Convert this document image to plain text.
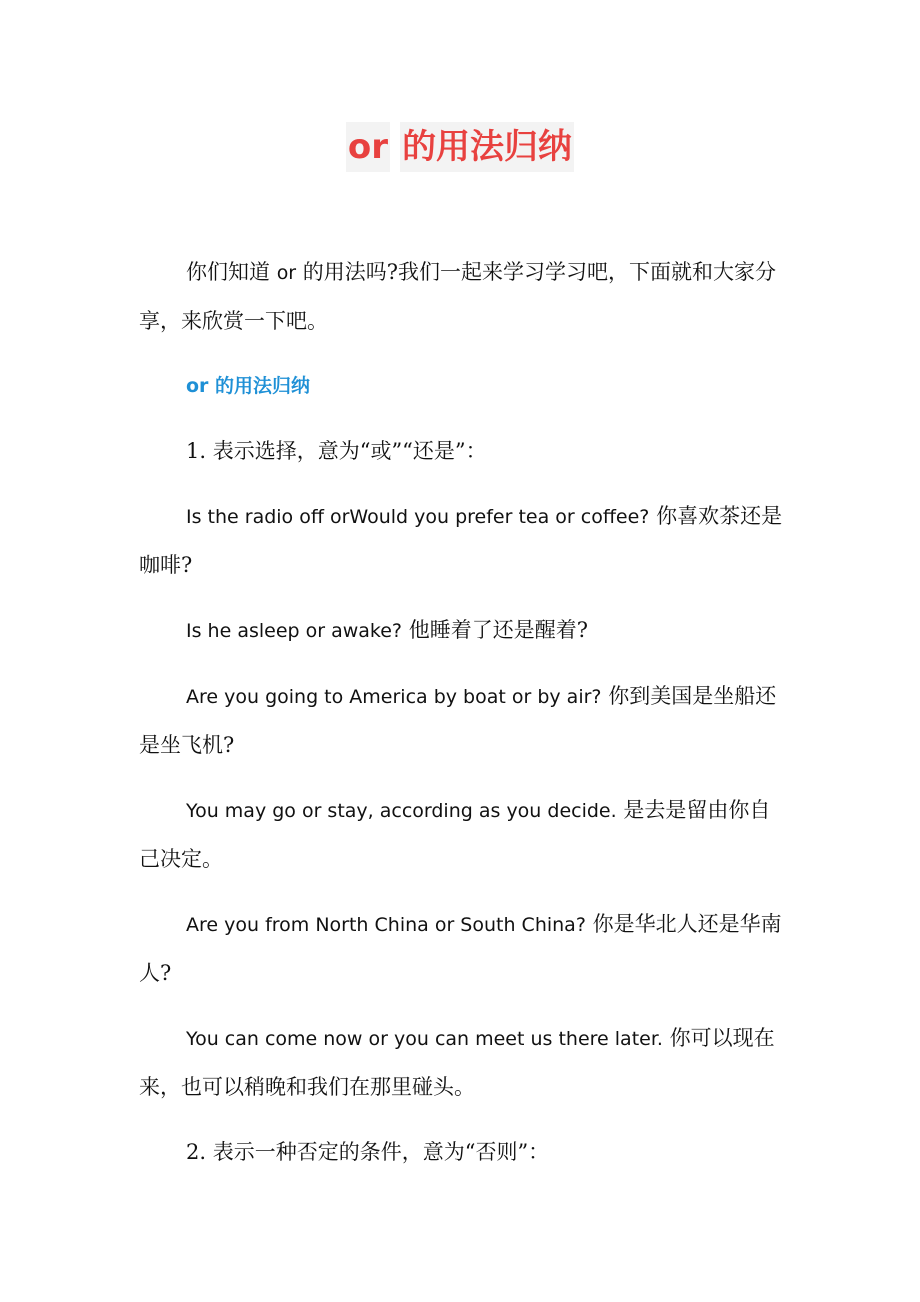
or 的用法归纳

你们知道 or 的用法吗?我们一起来学习学习吧，下面就和大家分享，来欣赏一下吧。

or 的用法归纳

1. 表示选择，意为“或”“还是”：

Is the radio off orWould you prefer tea or coffee? 你喜欢茶还是咖啡?

Is he asleep or awake? 他睡着了还是醒着?

Are you going to America by boat or by air? 你到美国是坐船还是坐飞机?

You may go or stay, according as you decide. 是去是留由你自己决定。

Are you from North China or South China? 你是华北人还是华南人?

You can come now or you can meet us there later. 你可以现在来，也可以稍晚和我们在那里碰头。

2. 表示一种否定的条件，意为“否则”：
